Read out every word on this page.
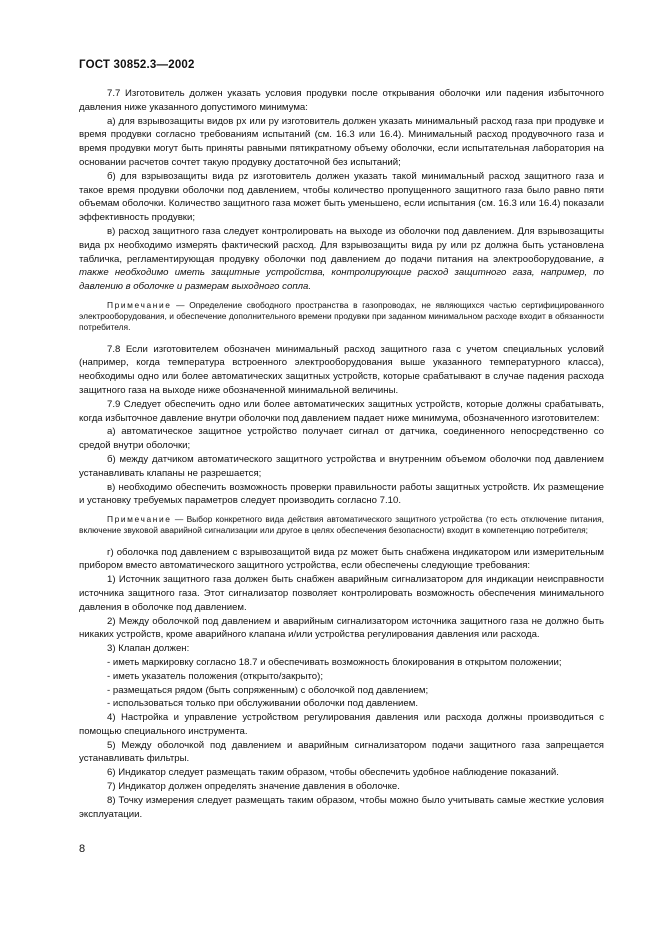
ГОСТ 30852.3—2002

7.7 Изготовитель должен указать условия продувки после открывания оболочки или падения избыточного давления ниже указанного допустимого минимума:

а) для взрывозащиты видов px или py изготовитель должен указать минимальный расход газа при продувке и время продувки согласно требованиям испытаний (см. 16.3 или 16.4). Минимальный расход продувочного газа и время продувки могут быть приняты равными пятикратному объему оболочки, если испытательная лаборатория на основании расчетов сочтет такую продувку достаточной без испытаний;

б) для взрывозащиты вида pz изготовитель должен указать такой минимальный расход защитного газа и такое время продувки оболочки под давлением, чтобы количество пропущенного защитного газа было равно пяти объемам оболочки. Количество защитного газа может быть уменьшено, если испытания (см. 16.3 или 16.4) показали эффективность продувки;

в) расход защитного газа следует контролировать на выходе из оболочки под давлением. Для взрывозащиты вида px необходимо измерять фактический расход. Для взрывозащиты вида py или pz должна быть установлена табличка, регламентирующая продувку оболочки под давлением до подачи питания на электрооборудование, а также необходимо иметь защитные устройства, контролирующие расход защитного газа, например, по давлению в оболочке и размерам выходного сопла.

Примечание — Определение свободного пространства в газопроводах, не являющихся частью сертифицированного электрооборудования, и обеспечение дополнительного времени продувки при заданном минимальном расходе входит в обязанности потребителя.

7.8 Если изготовителем обозначен минимальный расход защитного газа с учетом специальных условий (например, когда температура встроенного электрооборудования выше указанного температурного класса), необходимы одно или более автоматических защитных устройств, которые срабатывают в случае падения расхода защитного газа на выходе ниже обозначенной минимальной величины.

7.9 Следует обеспечить одно или более автоматических защитных устройств, которые должны срабатывать, когда избыточное давление внутри оболочки под давлением падает ниже минимума, обозначенного изготовителем:

а) автоматическое защитное устройство получает сигнал от датчика, соединенного непосредственно со средой внутри оболочки;

б) между датчиком автоматического защитного устройства и внутренним объемом оболочки под давлением устанавливать клапаны не разрешается;

в) необходимо обеспечить возможность проверки правильности работы защитных устройств. Их размещение и установку требуемых параметров следует производить согласно 7.10.

Примечание — Выбор конкретного вида действия автоматического защитного устройства (то есть отключение питания, включение звуковой аварийной сигнализации или другое в целях обеспечения безопасности) входит в компетенцию потребителя;

г) оболочка под давлением с взрывозащитой вида pz может быть снабжена индикатором или измерительным прибором вместо автоматического защитного устройства, если обеспечены следующие требования:

1) Источник защитного газа должен быть снабжен аварийным сигнализатором для индикации неисправности источника защитного газа. Этот сигнализатор позволяет контролировать возможность обеспечения минимального давления в оболочке под давлением.

2) Между оболочкой под давлением и аварийным сигнализатором источника защитного газа не должно быть никаких устройств, кроме аварийного клапана и/или устройства регулирования давления или расхода.

3) Клапан должен:

- иметь маркировку согласно 18.7 и обеспечивать возможность блокирования в открытом положении;

- иметь указатель положения (открыто/закрыто);

- размещаться рядом (быть сопряженным) с оболочкой под давлением;

- использоваться только при обслуживании оболочки под давлением.

4) Настройка и управление устройством регулирования давления или расхода должны производиться с помощью специального инструмента.

5) Между оболочкой под давлением и аварийным сигнализатором подачи защитного газа запрещается устанавливать фильтры.

6) Индикатор следует размещать таким образом, чтобы обеспечить удобное наблюдение показаний.

7) Индикатор должен определять значение давления в оболочке.

8) Точку измерения следует размещать таким образом, чтобы можно было учитывать самые жесткие условия эксплуатации.

8
